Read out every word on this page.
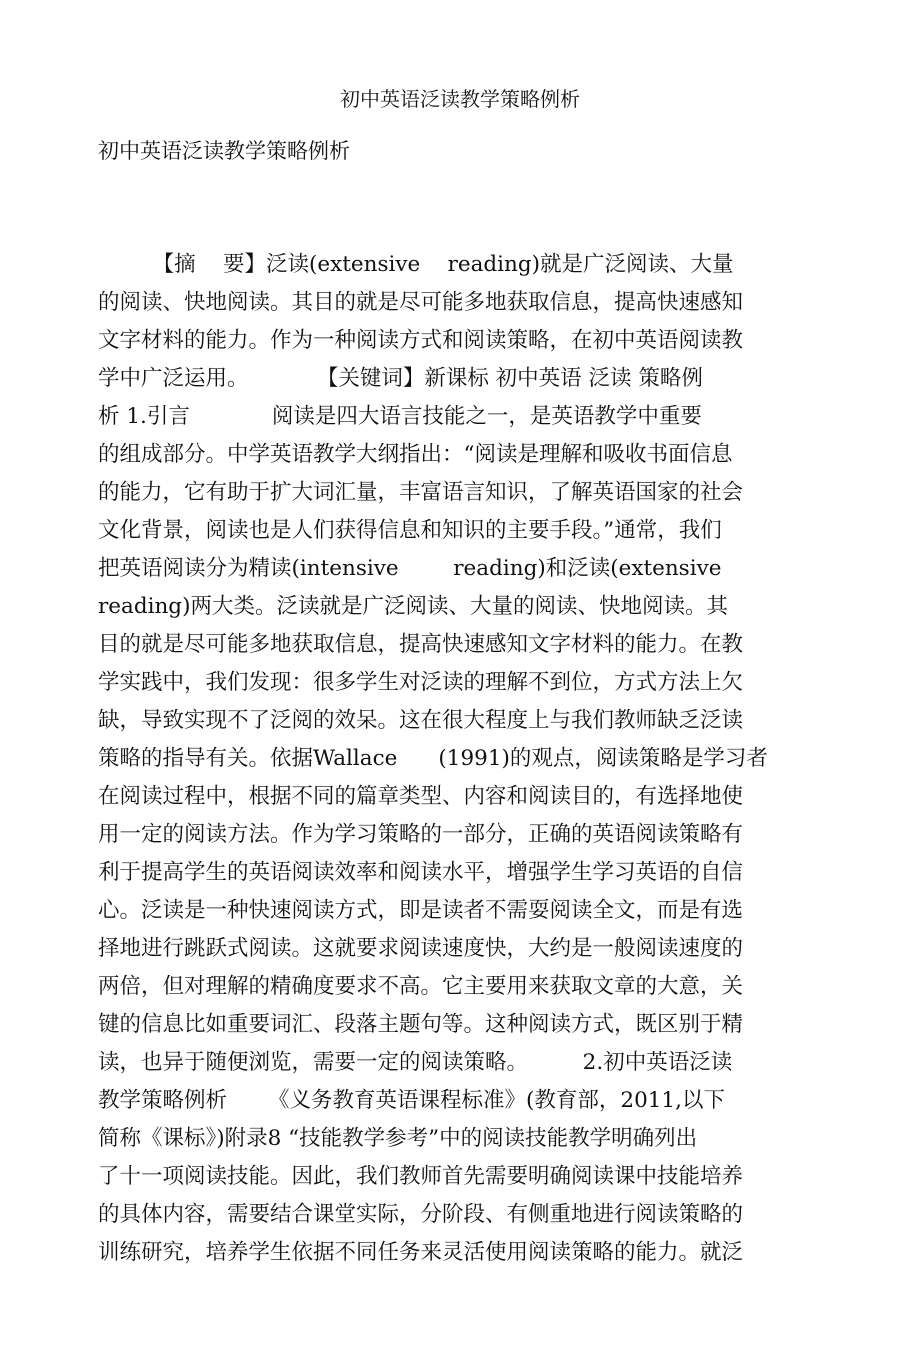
初中英语泛读教学策略例析
初中英语泛读教学策略例析
【摘    要】泛读(extensive    reading)就是广泛阅读、大量
的阅读、快地阅读。其目的就是尽可能多地获取信息，提高快速感知
文字材料的能力。作为一种阅读方式和阅读策略，在初中英语阅读教
学中广泛运用。          【关键词】新课标 初中英语 泛读 策略例
析 1.引言            阅读是四大语言技能之一，是英语教学中重要
的组成部分。中学英语教学大纲指出：“阅读是理解和吸收书面信息
的能力，它有助于扩大词汇量，丰富语言知识，了解英语国家的社会
文化背景，阅读也是人们获得信息和知识的主要手段。”通常，我们
把英语阅读分为精读(intensive        reading)和泛读(extensive
reading)两大类。泛读就是广泛阅读、大量的阅读、快地阅读。其
目的就是尽可能多地获取信息，提高快速感知文字材料的能力。在教
学实践中，我们发现：很多学生对泛读的理解不到位，方式方法上欠
缺，导致实现不了泛阅的效呆。这在很大程度上与我们教师缺乏泛读
策略的指导有关。依据Wallace      (1991)的观点，阅读策略是学习者
在阅读过程中，根据不同的篇章类型、内容和阅读目的，有选择地使
用一定的阅读方法。作为学习策略的一部分，正确的英语阅读策略有
利于提高学生的英语阅读效率和阅读水平，增强学生学习英语的自信
心。泛读是一种快速阅读方式，即是读者不需耍阅读全文，而是有选
择地进行跳跃式阅读。这就要求阅读速度快，大约是一般阅读速度的
两倍，但对理解的精确度要求不高。它主要用来获取文章的大意，关
键的信息比如重要词汇、段落主题句等。这种阅读方式，既区别于精
读，也异于随便浏览，需要一定的阅读策略。        2.初中英语泛读
教学策略例析      《义务教育英语课程标准》(教育部，2011,以下
简称《课标》)附录8 “技能教学参考”中的阅读技能教学明确列出
了十一项阅读技能。因此，我们教师首先需要明确阅读课中技能培养
的具体内容，需要结合课堂实际，分阶段、有侧重地进行阅读策略的
训练研究，培养学生依据不同任务来灵活使用阅读策略的能力。就泛
